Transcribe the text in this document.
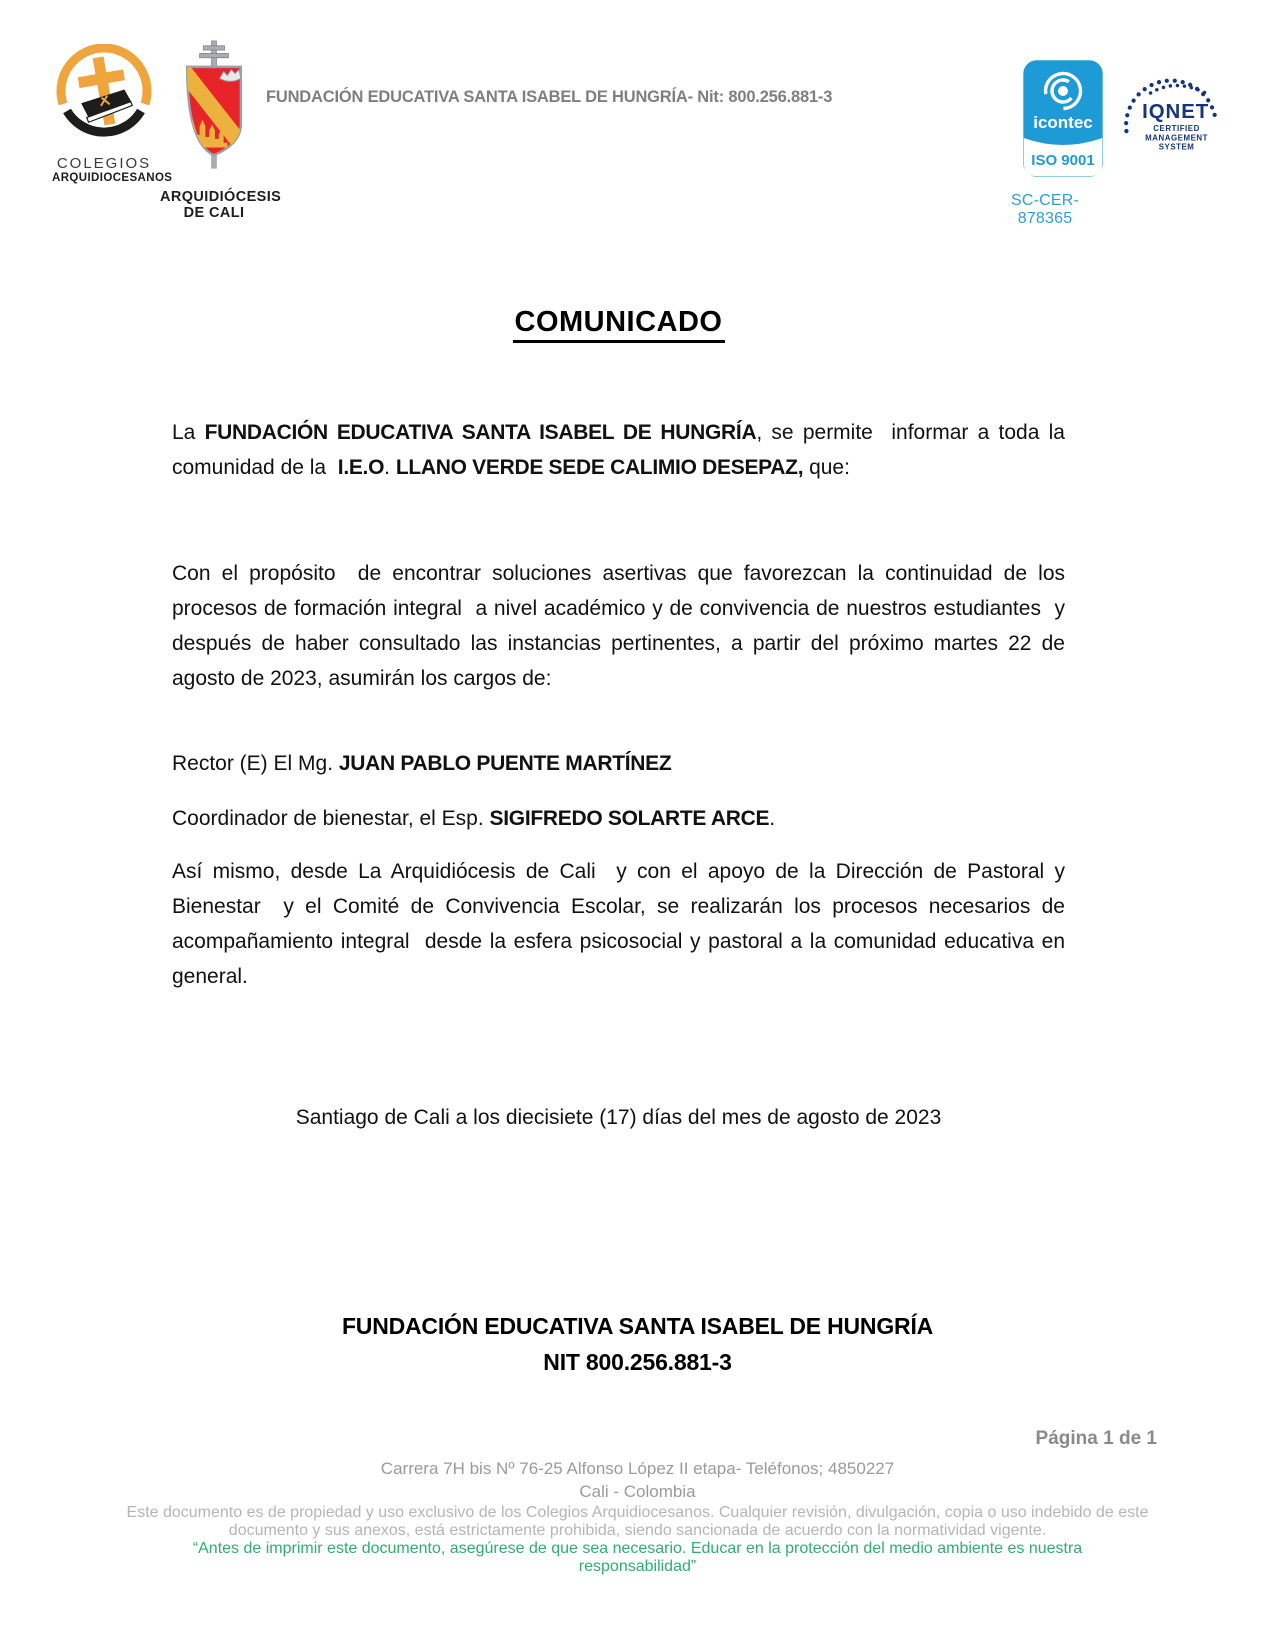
COLEGIOS
ARQUIDIOCESANOS
ARQUIDIÓCESIS
DE CALI
FUNDACIÓN EDUCATIVA SANTA ISABEL DE HUNGRÍA- Nit: 800.256.881-3
icontec
ISO 9001
IQNET
CERTIFIED
MANAGEMENT
SYSTEM
SC-CER-878365
COMUNICADO

La FUNDACIÓN EDUCATIVA SANTA ISABEL DE HUNGRÍA, se permite  informar a toda la comunidad de la  I.E.O. LLANO VERDE SEDE CALIMIO DESEPAZ, que:

Con el propósito  de encontrar soluciones asertivas que favorezcan la continuidad de los procesos de formación integral  a nivel académico y de convivencia de nuestros estudiantes  y después de haber consultado las instancias pertinentes, a partir del próximo martes 22 de agosto de 2023, asumirán los cargos de:

Rector (E) El Mg. JUAN PABLO PUENTE MARTÍNEZ

Coordinador de bienestar, el Esp. SIGIFREDO SOLARTE ARCE.

Así mismo, desde La Arquidiócesis de Cali  y con el apoyo de la Dirección de Pastoral y Bienestar  y el Comité de Convivencia Escolar, se realizarán los procesos necesarios de acompañamiento integral  desde la esfera psicosocial y pastoral a la comunidad educativa en general.

Santiago de Cali a los diecisiete (17) días del mes de agosto de 2023

FUNDACIÓN EDUCATIVA SANTA ISABEL DE HUNGRÍA
NIT 800.256.881-3
Página 1 de 1
Carrera 7H bis Nº 76-25 Alfonso López II etapa- Teléfonos; 4850227
Cali - Colombia
Este documento es de propiedad y uso exclusivo de los Colegios Arquidiocesanos. Cualquier revisión, divulgación, copia o uso indebido de este documento y sus anexos, está estrictamente prohibida, siendo sancionada de acuerdo con la normatividad vigente.
“Antes de imprimir este documento, asegúrese de que sea necesario. Educar en la protección del medio ambiente es nuestra responsabilidad”
